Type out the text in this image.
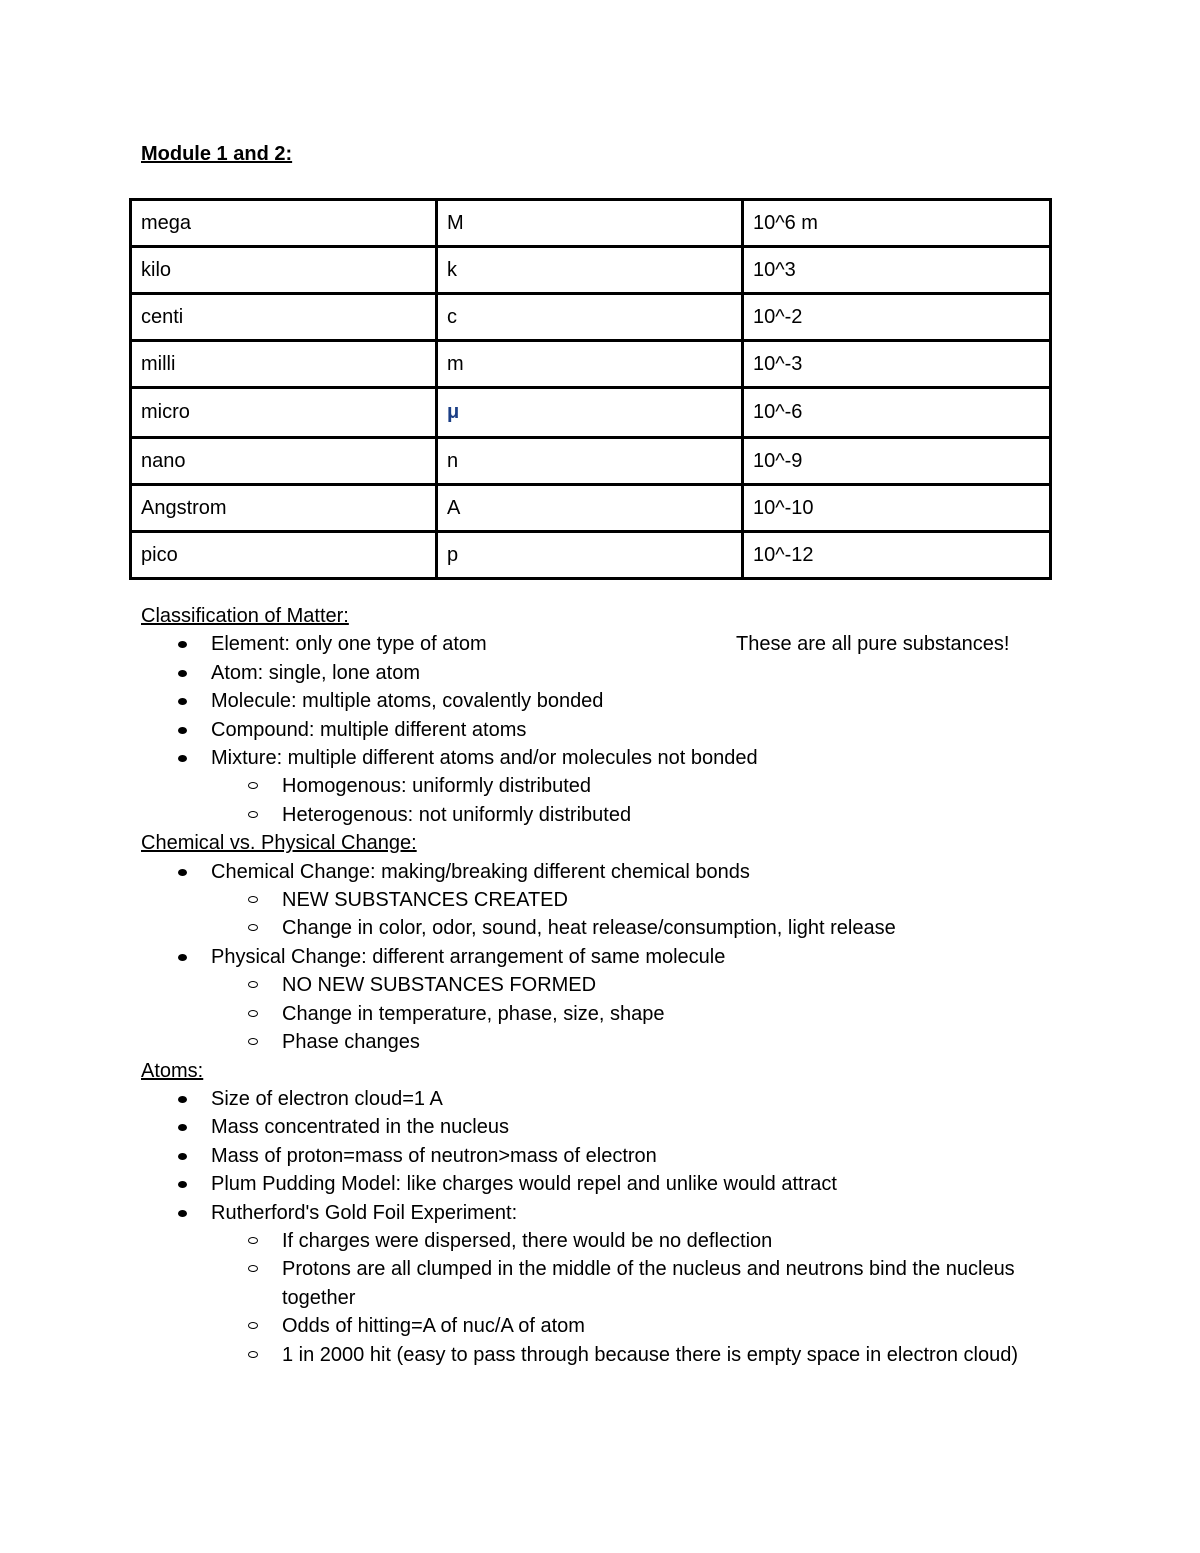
Module 1 and 2:
mega	M	10^6 m
kilo	k	10^3
centi	c	10^-2
milli	m	10^-3
micro	μ	10^-6
nano	n	10^-9
Angstrom	A	10^-10
pico	p	10^-12

Classification of Matter:

Element: only one type of atom	These are all pure substances!
Atom: single, lone atom
Molecule: multiple atoms, covalently bonded
Compound: multiple different atoms
Mixture: multiple different atoms and/or molecules not bonded
Homogenous: uniformly distributed
Heterogenous: not uniformly distributed

Chemical vs. Physical Change:

Chemical Change: making/breaking different chemical bonds
NEW SUBSTANCES CREATED
Change in color, odor, sound, heat release/consumption, light release
Physical Change: different arrangement of same molecule
NO NEW SUBSTANCES FORMED
Change in temperature, phase, size, shape
Phase changes

Atoms:

Size of electron cloud=1 A
Mass concentrated in the nucleus
Mass of proton=mass of neutron>mass of electron
Plum Pudding Model: like charges would repel and unlike would attract
Rutherford's Gold Foil Experiment:
If charges were dispersed, there would be no deflection
Protons are all clumped in the middle of the nucleus and neutrons bind the nucleus together
Odds of hitting=A of nuc/A of atom
1 in 2000 hit (easy to pass through because there is empty space in electron cloud)
